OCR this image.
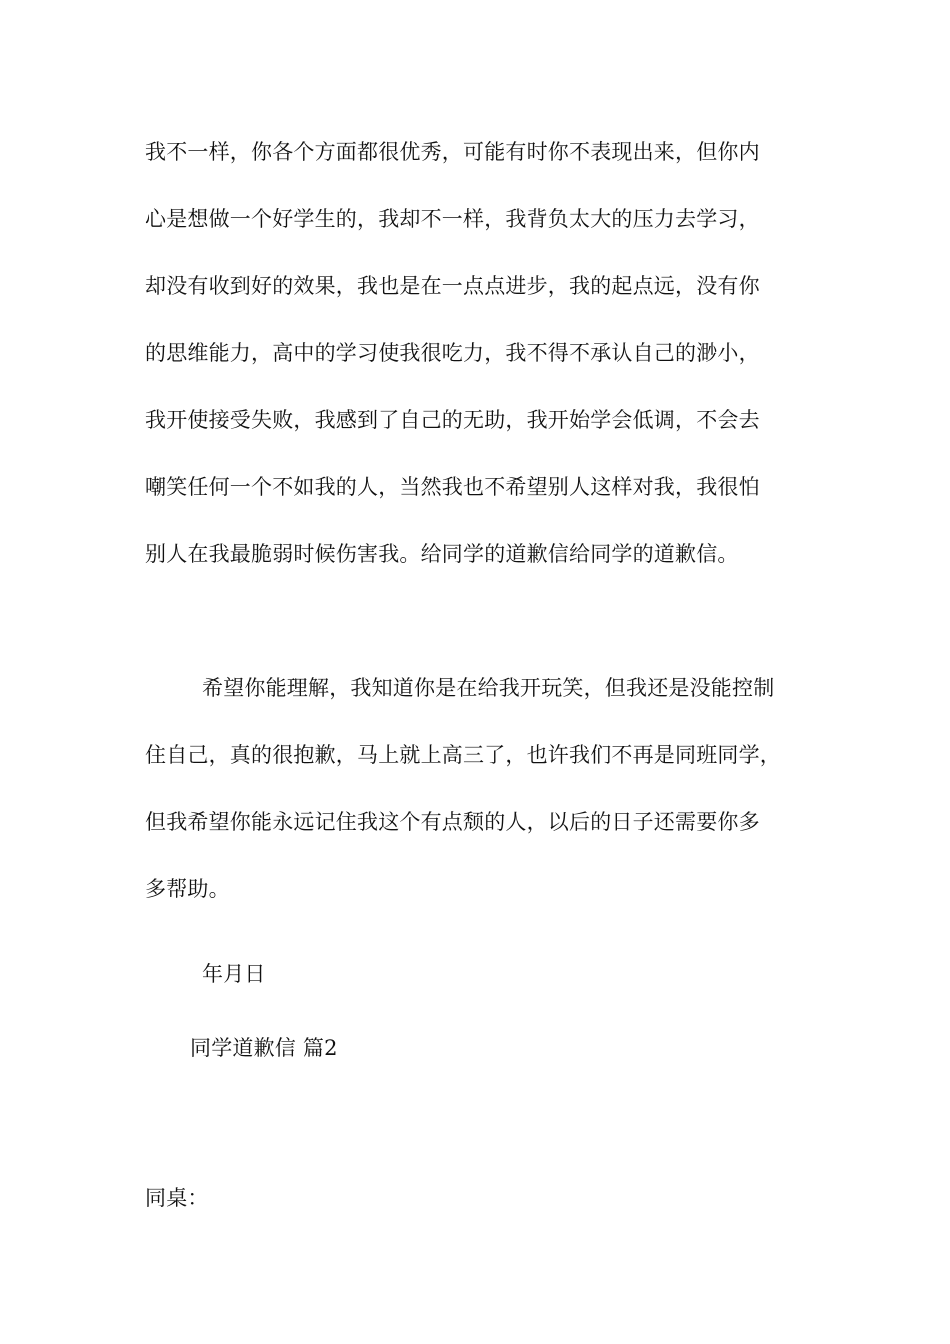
我不一样，你各个方面都很优秀，可能有时你不表现出来，但你内
心是想做一个好学生的，我却不一样，我背负太大的压力去学习，
却没有收到好的效果，我也是在一点点进步，我的起点远，没有你
的思维能力，高中的学习使我很吃力，我不得不承认自己的渺小，
我开使接受失败，我感到了自己的无助，我开始学会低调，不会去
嘲笑任何一个不如我的人，当然我也不希望别人这样对我，我很怕
别人在我最脆弱时候伤害我。给同学的道歉信给同学的道歉信。
希望你能理解，我知道你是在给我开玩笑，但我还是没能控制
住自己，真的很抱歉，马上就上高三了，也许我们不再是同班同学，
但我希望你能永远记住我这个有点颓的人，以后的日子还需要你多
多帮助。
年月日
同学道歉信 篇2
同桌：
